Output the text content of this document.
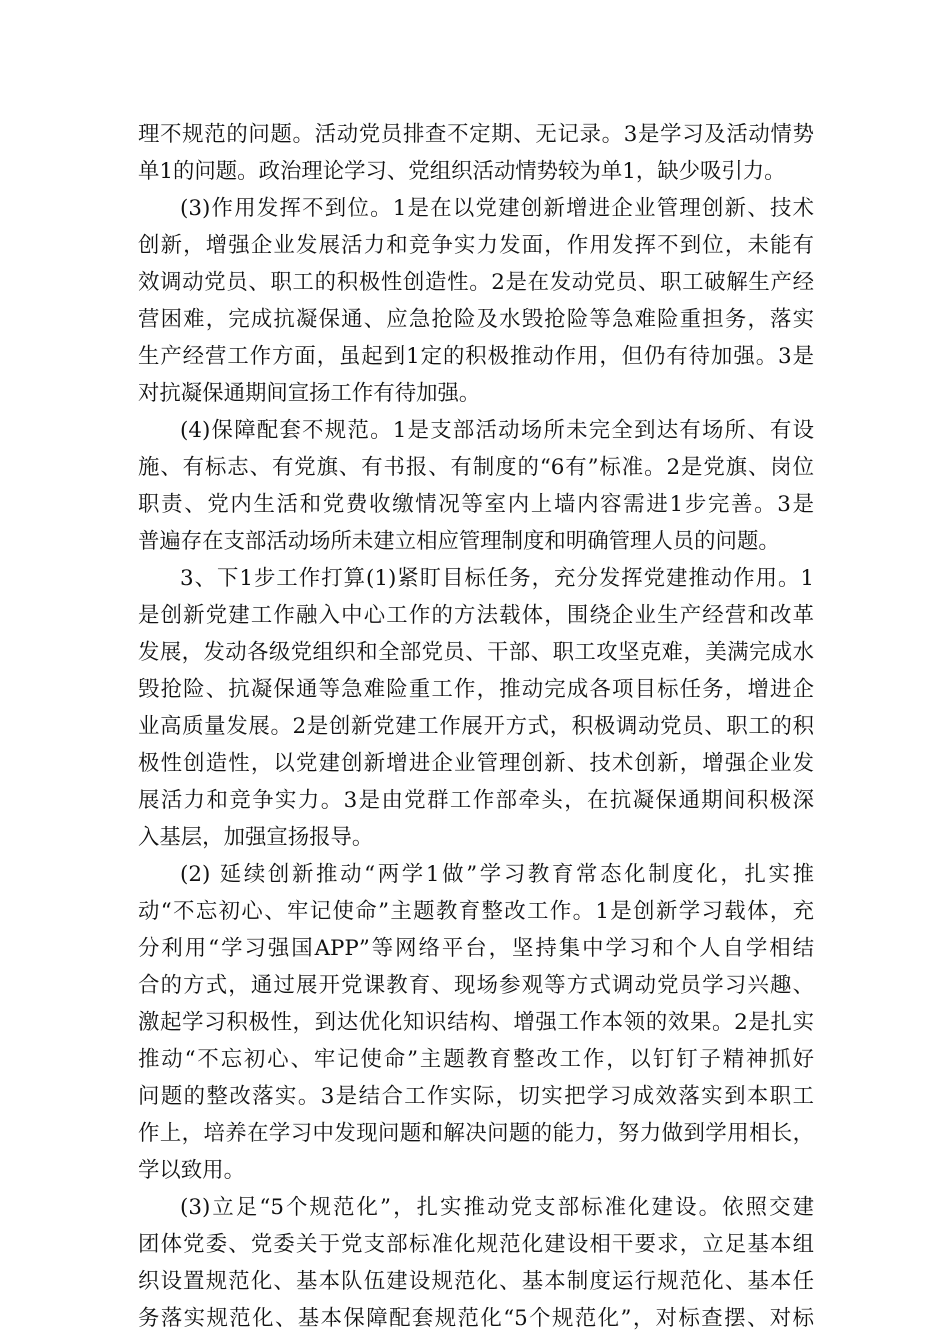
理不规范的问题。活动党员排查不定期、无记录。3是学习及活动情势
单1的问题。政治理论学习、党组织活动情势较为单1，缺少吸引力。
(3)作用发挥不到位。1是在以党建创新增进企业管理创新、技术
创新，增强企业发展活力和竞争实力发面，作用发挥不到位，未能有
效调动党员、职工的积极性创造性。2是在发动党员、职工破解生产经
营困难，完成抗凝保通、应急抢险及水毁抢险等急难险重担务，落实
生产经营工作方面，虽起到1定的积极推动作用，但仍有待加强。3是
对抗凝保通期间宣扬工作有待加强。
(4)保障配套不规范。1是支部活动场所未完全到达有场所、有设
施、有标志、有党旗、有书报、有制度的“6有”标准。2是党旗、岗位
职责、党内生活和党费收缴情况等室内上墙内容需进1步完善。3是
普遍存在支部活动场所未建立相应管理制度和明确管理人员的问题。
3、下1步工作打算(1)紧盯目标任务，充分发挥党建推动作用。1
是创新党建工作融入中心工作的方法载体，围绕企业生产经营和改革
发展，发动各级党组织和全部党员、干部、职工攻坚克难，美满完成水
毁抢险、抗凝保通等急难险重工作，推动完成各项目标任务，增进企
业高质量发展。2是创新党建工作展开方式，积极调动党员、职工的积
极性创造性，以党建创新增进企业管理创新、技术创新，增强企业发
展活力和竞争实力。3是由党群工作部牵头，在抗凝保通期间积极深
入基层，加强宣扬报导。
(2) 延续创新推动“两学1做”学习教育常态化制度化，扎实推
动“不忘初心、牢记使命”主题教育整改工作。1是创新学习载体，充
分利用“学习强国APP”等网络平台，坚持集中学习和个人自学相结
合的方式，通过展开党课教育、现场参观等方式调动党员学习兴趣、
激起学习积极性，到达优化知识结构、增强工作本领的效果。2是扎实
推动“不忘初心、牢记使命”主题教育整改工作，以钉钉子精神抓好
问题的整改落实。3是结合工作实际，切实把学习成效落实到本职工
作上，培养在学习中发现问题和解决问题的能力，努力做到学用相长，
学以致用。
(3)立足“5个规范化”，扎实推动党支部标准化建设。依照交建
团体党委、党委关于党支部标准化规范化建设相干要求，立足基本组
织设置规范化、基本队伍建设规范化、基本制度运行规范化、基本任
务落实规范化、基本保障配套规范化“5个规范化”，对标查摆、对标
